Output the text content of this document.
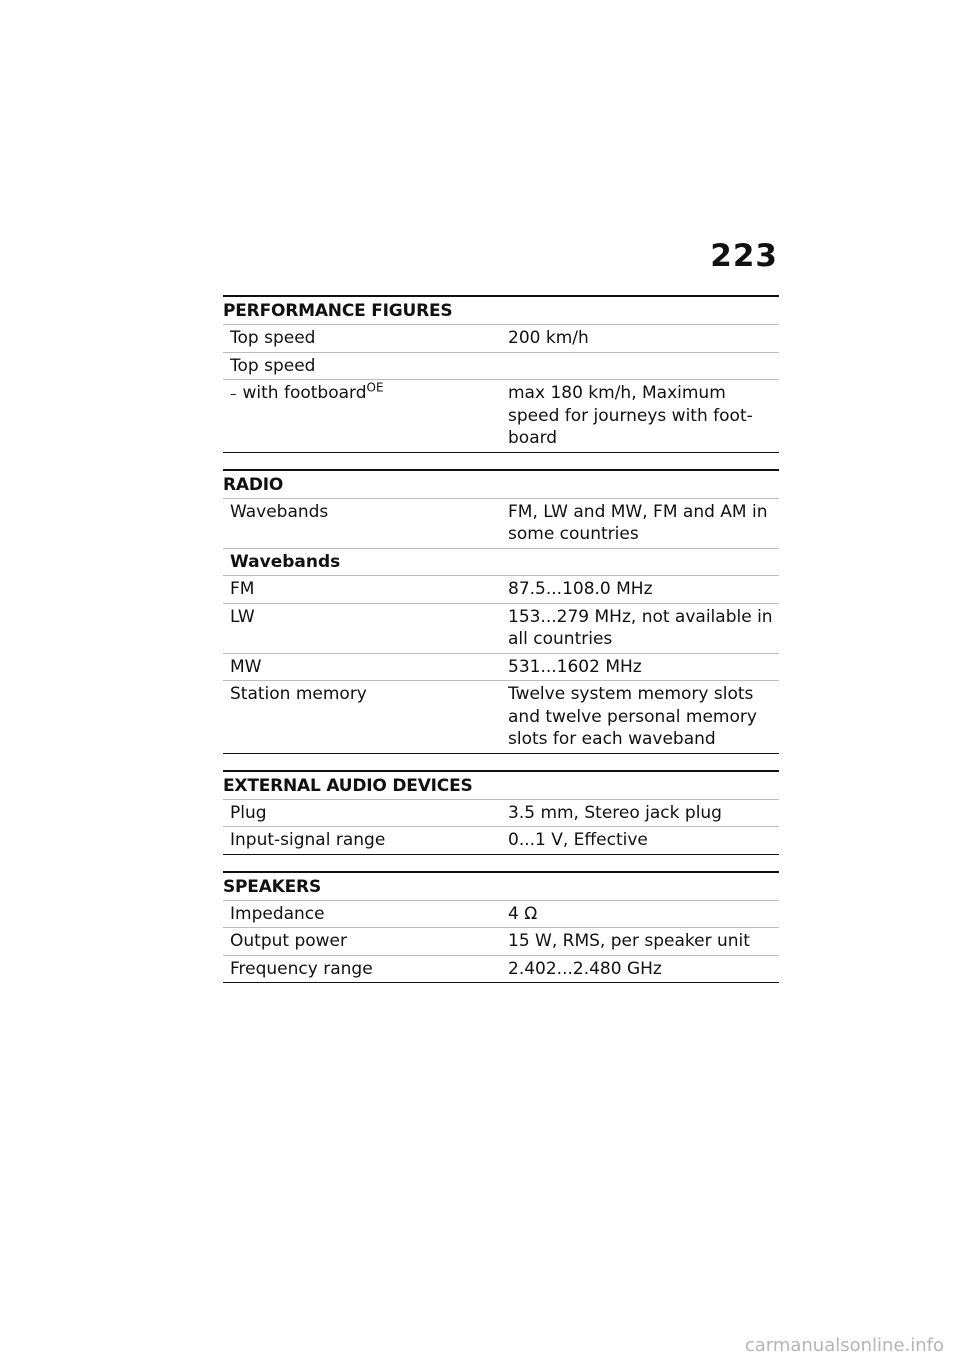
223
PERFORMANCE FIGURES
Top speed	200 km/h
Top speed	
– with footboard$^{OE}$	max 180 km/h, Maximum speed for journeys with foot-board
RADIO
Wavebands	FM, LW and MW, FM and AM in some countries
Wavebands	
FM	87.5...108.0 MHz
LW	153...279 MHz, not available in all countries
MW	531...1602 MHz
Station memory	Twelve system memory slots and twelve personal memory slots for each waveband
EXTERNAL AUDIO DEVICES
Plug	3.5 mm, Stereo jack plug
Input-signal range	0...1 V, Effective
SPEAKERS
Impedance	4 Ω
Output power	15 W, RMS, per speaker unit
Frequency range	2.402...2.480 GHz
carmanualsonline.info
